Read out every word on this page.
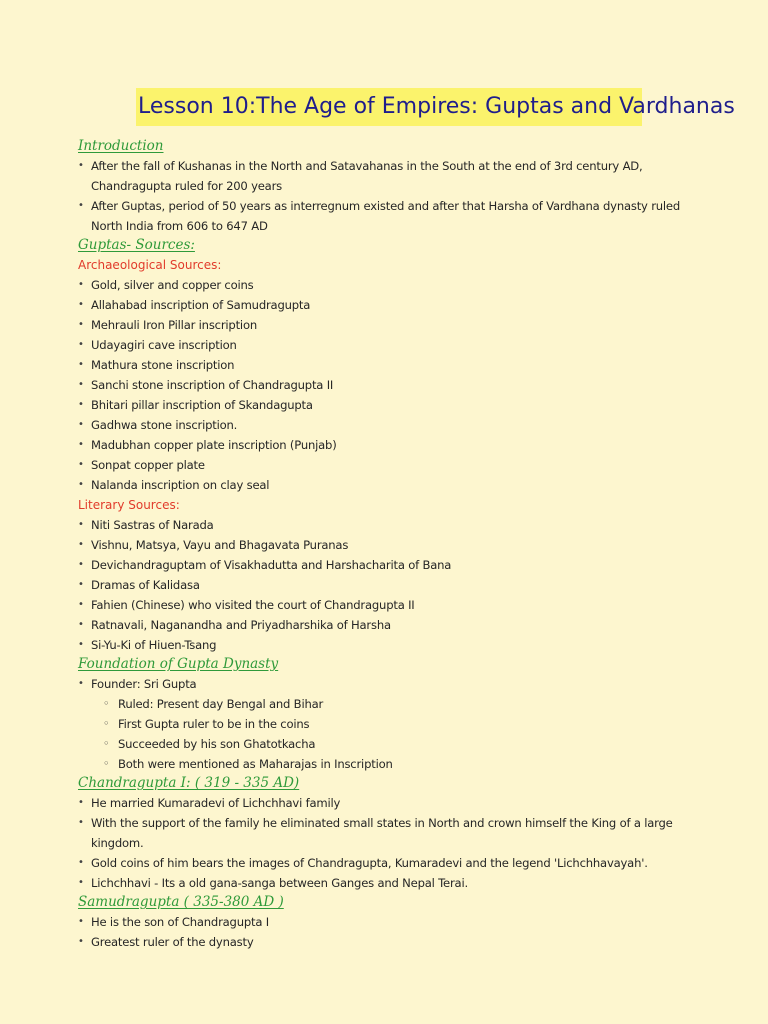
Lesson 10:The Age of Empires: Guptas and Vardhanas

Introduction

• After the fall of Kushanas in the North and Satavahanas in the South at the end of 3rd century AD, Chandragupta ruled for 200 years
• After Guptas, period of 50 years as interregnum existed and after that Harsha of Vardhana dynasty ruled North India from 606 to 647 AD

Guptas- Sources:

Archaeological Sources:

• Gold, silver and copper coins
• Allahabad inscription of Samudragupta
• Mehrauli Iron Pillar inscription
• Udayagiri cave inscription
• Mathura stone inscription
• Sanchi stone inscription of Chandragupta II
• Bhitari pillar inscription of Skandagupta
• Gadhwa stone inscription.
• Madubhan copper plate inscription (Punjab)
• Sonpat copper plate
• Nalanda inscription on clay seal

Literary Sources:

• Niti Sastras of Narada
• Vishnu, Matsya, Vayu and Bhagavata Puranas
• Devichandraguptam of Visakhadutta and Harshacharita of Bana
• Dramas of Kalidasa
• Fahien (Chinese) who visited the court of Chandragupta II
• Ratnavali, Naganandha and Priyadharshika of Harsha
• Si-Yu-Ki of Hiuen-Tsang

Foundation of Gupta Dynasty

• Founder: Sri Gupta
◦ Ruled: Present day Bengal and Bihar
◦ First Gupta ruler to be in the coins
◦ Succeeded by his son Ghatotkacha
◦ Both were mentioned as Maharajas in Inscription

Chandragupta I: ( 319 - 335 AD)

• He married Kumaradevi of Lichchhavi family
• With the support of the family he eliminated small states in North and crown himself the King of a large kingdom.
• Gold coins of him bears the images of Chandragupta, Kumaradevi and the legend 'Lichchhavayah'.
• Lichchhavi - Its a old gana-sanga between Ganges and Nepal Terai.

Samudragupta ( 335-380 AD )

• He is the son of Chandragupta I
• Greatest ruler of the dynasty
